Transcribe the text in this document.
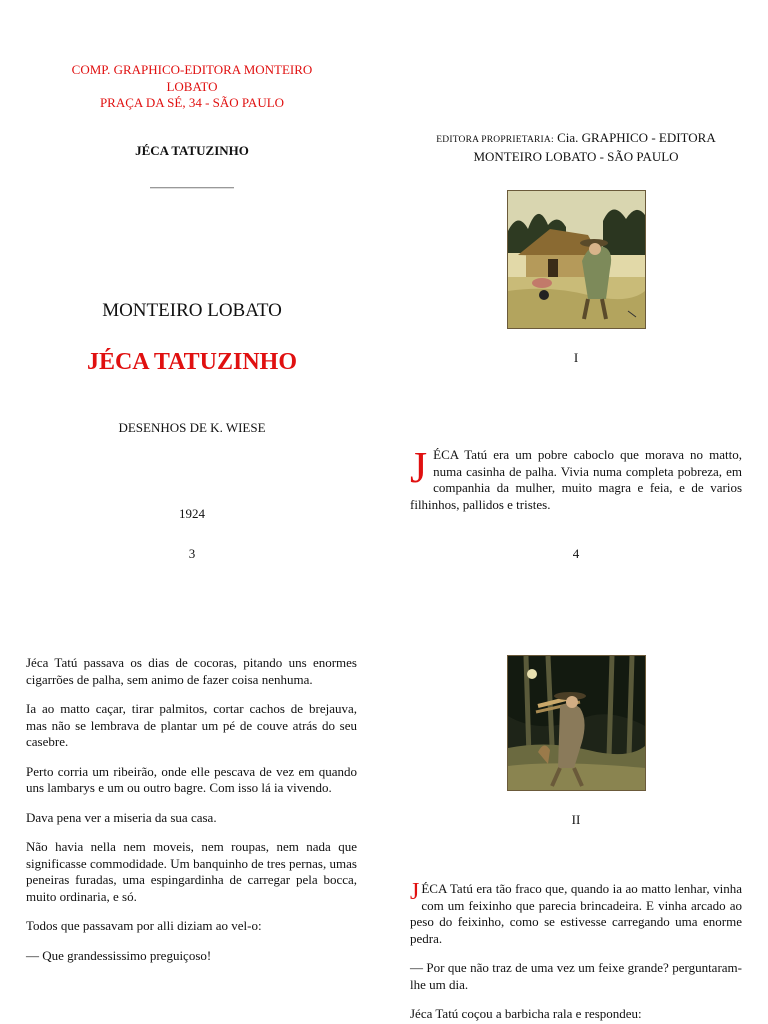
COMP. GRAPHICO-EDITORA MONTEIRO
LOBATO
PRAÇA DA SÉ, 34 - SÃO PAULO
JÉCA TATUZINHO
MONTEIRO LOBATO
JÉCA TATUZINHO
DESENHOS DE K. WIESE
1924
3
EDITORA PROPRIETARIA: Cia. GRAPHICO - EDITORA
MONTEIRO LOBATO - SÃO PAULO
I

J ÉCA Tatú era um pobre caboclo que morava no matto, numa casinha de palha. Vivia numa completa pobreza, em companhia da mulher, muito magra e feia, e de varios filhinhos, pallidos e tristes.

4

Jéca Tatú passava os dias de cocoras, pitando uns enormes cigarrões de palha, sem animo de fazer coisa nenhuma.

Ia ao matto caçar, tirar palmitos, cortar cachos de brejauva, mas não se lembrava de plantar um pé de couve atrás do seu casebre.

Perto corria um ribeirão, onde elle pescava de vez em quando uns lambarys e um ou outro bagre. Com isso lá ia vivendo.

Dava pena ver a miseria da sua casa.

Não havia nella nem moveis, nem roupas, nem nada que significasse commodidade. Um banquinho de tres pernas, umas peneiras furadas, uma espingardinha de carregar pela bocca, muito ordinaria, e só.

Todos que passavam por alli diziam ao vel-o:

— Que grandessissimo preguiçoso!

II

J ÉCA Tatú era tão fraco que, quando ia ao matto lenhar, vinha com um feixinho que parecia brincadeira. E vinha arcado ao peso do feixinho, como se estivesse carregando uma enorme pedra.

— Por que não traz de uma vez um feixe grande? perguntaram-lhe um dia.

Jéca Tatú coçou a barbicha rala e respondeu:
